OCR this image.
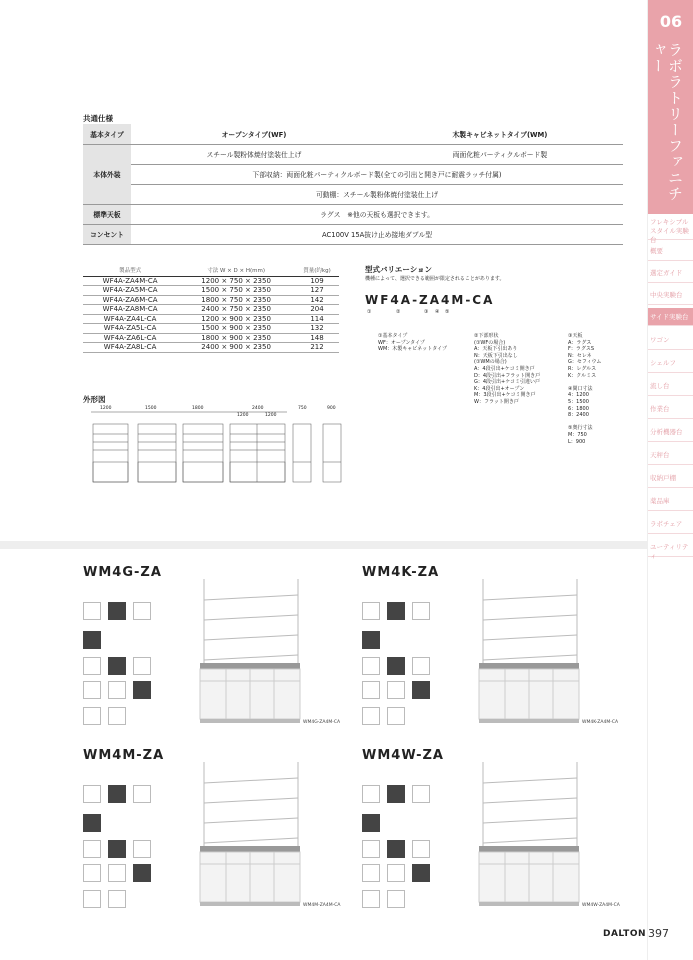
06
ラボラトリーファニチャー
フレキシブル スタイル実験台
概要
選定ガイド
中央実験台
サイド実験台
ワゴン
シェルフ
流し台
作業台
分析機器台
天秤台
収納戸棚
薬品庫
ラボチェア
ユーティリティ
共通仕様
基本タイプ	オープンタイプ(WF)	木製キャビネットタイプ(WM)
本体外装	スチール製粉体焼付塗装仕上げ	両面化粧パーティクルボード製
	下部収納：両面化粧パーティクルボード製(全ての引出と開き戸に耐震ラッチ付属)	
	可動棚：スチール製粉体焼付塗装仕上げ	
標準天板	ラグス　※他の天板も選択できます。	
コンセント	AC100V 15A抜け止め接地ダブル型	
製品型式	寸法 W × D × H(mm)	質量(約kg)
WF4A-ZA4M-CA	1200 × 750 × 2350	109
WF4A-ZA5M-CA	1500 × 750 × 2350	127
WF4A-ZA6M-CA	1800 × 750 × 2350	142
WF4A-ZA8M-CA	2400 × 750 × 2350	204
WF4A-ZA4L-CA	1200 × 900 × 2350	114
WF4A-ZA5L-CA	1500 × 900 × 2350	132
WF4A-ZA6L-CA	1800 × 900 × 2350	148
WF4A-ZA8L-CA	2400 × 900 × 2350	212
外形図
1200	1500	1800	2400
1200	1200
750	900
型式バリエーション
機種によって、選択できる範囲が限定されることがあります。
WF4A-ZA4M-CA
①	②	③ ④ ⑤
①基本タイプ
WF：オープンタイプ
WM：木製キャビネットタイプ
②下部形状
(①WFの場合)
A：天板下引出あり
N：天板下引出なし
(①WMの場合)
A：4段引出+ケコミ開き戸
D：4段引出+フラット開き戸
G：4段引出+ケコミ引違い戸
K：4段引出+オープン
M：3段引出+ケコミ開き戸
W：フラット開き戸
③天板
A：ラグス
F：ラグスS
N：セレネ
G：セフィウム
R：レグルス
K：クルミス
④間口寸法
4：1200
5：1500
6：1800
8：2400
⑤奥行寸法
M：750
L：900
WM4G-ZA
WM4G-ZA4M-CA
WM4K-ZA
WM4K-ZA4M-CA
WM4M-ZA
WM4M-ZA4M-CA
WM4W-ZA
WM4W-ZA4M-CA
DALTON 397
